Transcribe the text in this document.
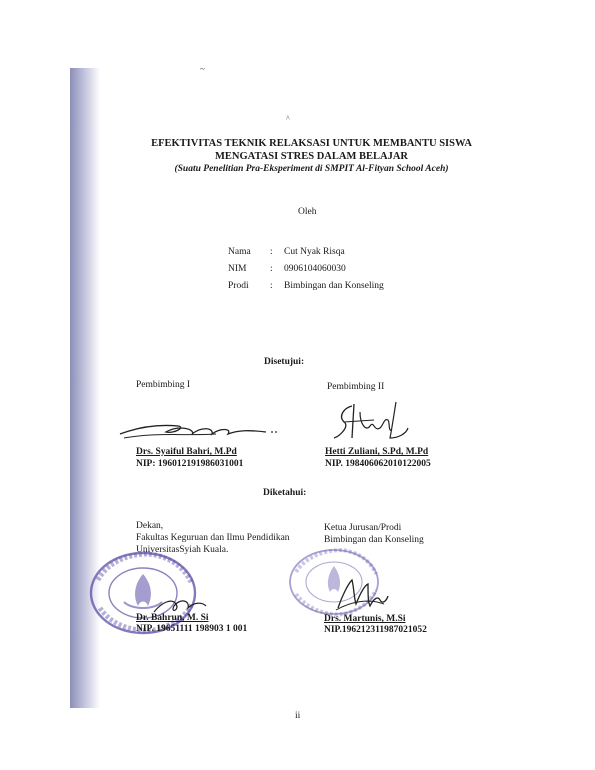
~
^
EFEKTIVITAS TEKNIK RELAKSASI UNTUK MEMBANTU SISWA
MENGATASI STRES DALAM BELAJAR
(Suatu Penelitian Pra-Eksperiment di SMPIT Al-Fityan School Aceh)
Oleh
Nama : Cut Nyak Risqa
NIM : 0906104060030
Prodi : Bimbingan dan Konseling
Disetujui:
Pembimbing I
Drs. Syaiful Bahri, M.Pd
NIP: 196012191986031001
Pembimbing II
Hetti Zuliani, S.Pd, M.Pd
NIP. 198406062010122005
Diketahui:
Dekan,
Fakultas Keguruan dan Ilmu Pendidikan
UniversitasSyiah Kuala.
Dr. Bahrun, M. Si
NIP. 19651111 198903 1 001
Ketua Jurusan/Prodi
Bimbingan dan Konseling
Drs. Martunis, M.Si
NIP.196212311987021052
ii
